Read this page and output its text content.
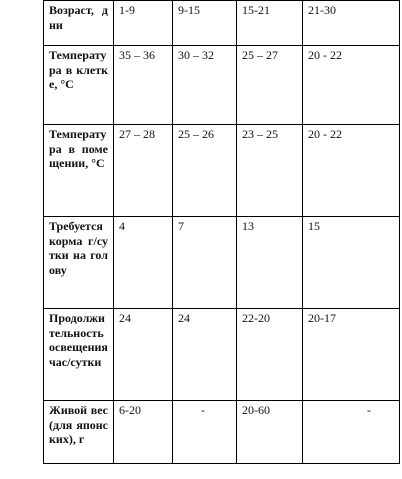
Возраст, дни	1-9	9-15	15-21	21-30
Температура в клетке, °С	35 – 36	30 – 32	25 – 27	20 - 22
Температура в помещении, °С	27 – 28	25 – 26	23 – 25	20 - 22
Требуется корма г/сутки на голову	4	7	13	15
Продолжительность освещения час/сутки	24	24	22-20	20-17
Живой вес (для японских), г	6-20	-	20-60	-
